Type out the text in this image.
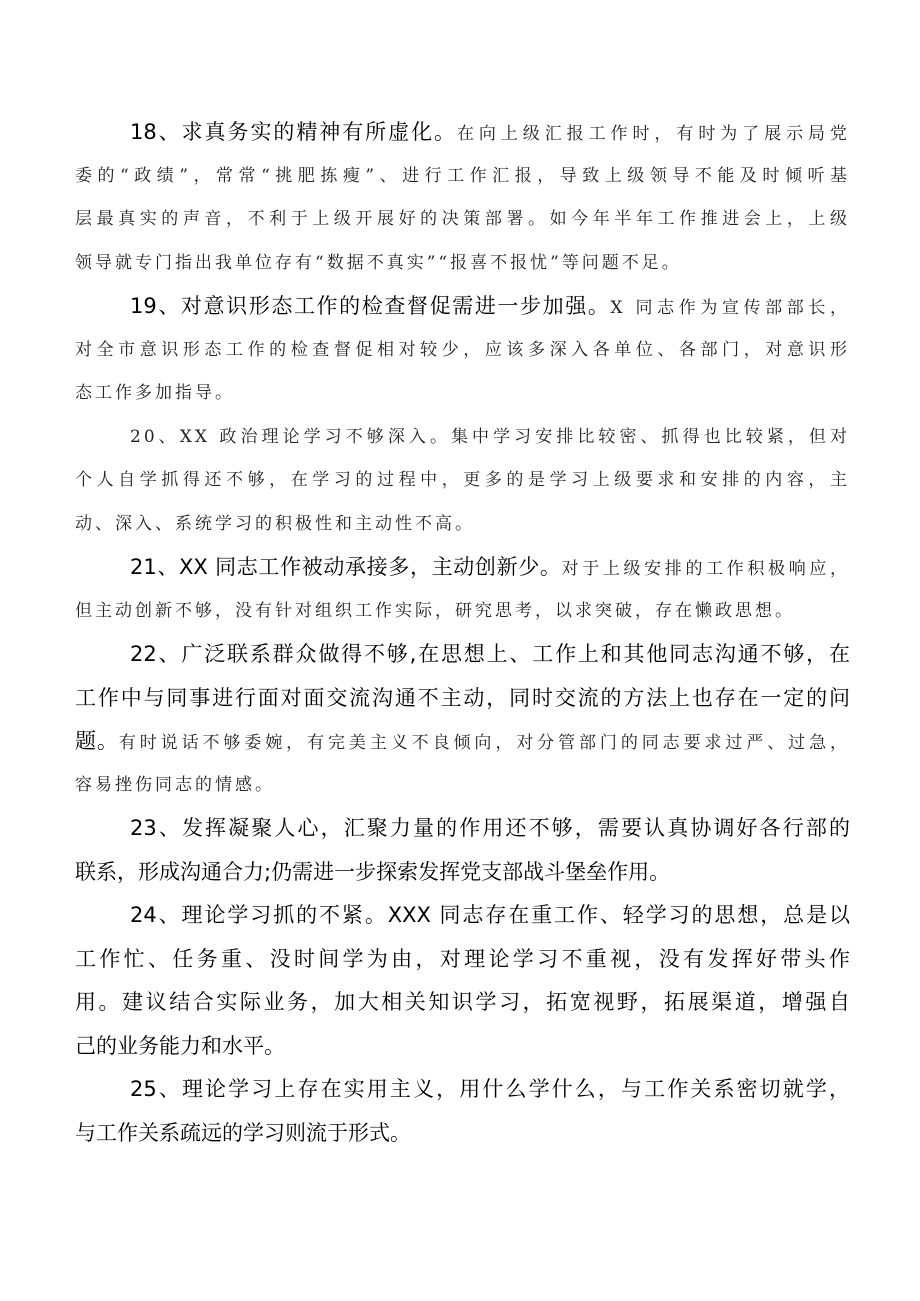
18、求真务实的精神有所虚化。在向上级汇报工作时，有时为了展示局党
委的“政绩”，常常“挑肥拣瘦”、进行工作汇报，导致上级领导不能及时倾听基
层最真实的声音，不利于上级开展好的决策部署。如今年半年工作推进会上，上级
领导就专门指出我单位存有“数据不真实”“报喜不报忧”等问题不足。
19、对意识形态工作的检查督促需进一步加强。X 同志作为宣传部部长，
对全市意识形态工作的检查督促相对较少，应该多深入各单位、各部门，对意识形
态工作多加指导。
20、XX 政治理论学习不够深入。集中学习安排比较密、抓得也比较紧，但对
个人自学抓得还不够，在学习的过程中，更多的是学习上级要求和安排的内容，主
动、深入、系统学习的积极性和主动性不高。
21、XX 同志工作被动承接多，主动创新少。对于上级安排的工作积极响应，
但主动创新不够，没有针对组织工作实际，研究思考，以求突破，存在懒政思想。
22、广泛联系群众做得不够,在思想上、工作上和其他同志沟通不够，在
工作中与同事进行面对面交流沟通不主动，同时交流的方法上也存在一定的问
题。有时说话不够委婉，有完美主义不良倾向，对分管部门的同志要求过严、过急，
容易挫伤同志的情感。
23、发挥凝聚人心，汇聚力量的作用还不够，需要认真协调好各行部的
联系，形成沟通合力;仍需进一步探索发挥党支部战斗堡垒作用。
24、理论学习抓的不紧。XXX 同志存在重工作、轻学习的思想，总是以
工作忙、任务重、没时间学为由，对理论学习不重视，没有发挥好带头作
用。建议结合实际业务，加大相关知识学习，拓宽视野，拓展渠道，增强自
己的业务能力和水平。
25、理论学习上存在实用主义，用什么学什么，与工作关系密切就学，
与工作关系疏远的学习则流于形式。
